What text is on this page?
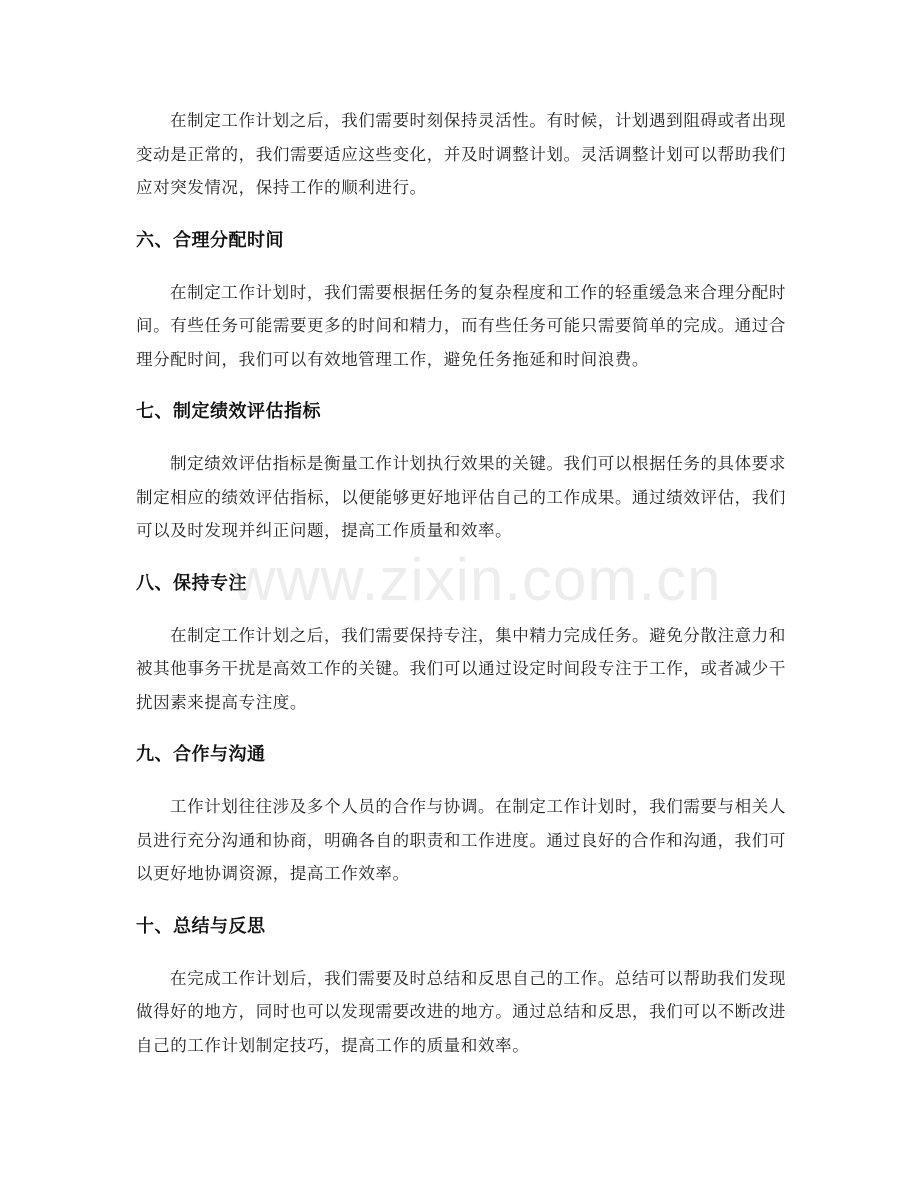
在制定工作计划之后，我们需要时刻保持灵活性。有时候，计划遇到阻碍或者出现变动是正常的，我们需要适应这些变化，并及时调整计划。灵活调整计划可以帮助我们应对突发情况，保持工作的顺利进行。

六、合理分配时间

在制定工作计划时，我们需要根据任务的复杂程度和工作的轻重缓急来合理分配时间。有些任务可能需要更多的时间和精力，而有些任务可能只需要简单的完成。通过合理分配时间，我们可以有效地管理工作，避免任务拖延和时间浪费。

七、制定绩效评估指标

制定绩效评估指标是衡量工作计划执行效果的关键。我们可以根据任务的具体要求制定相应的绩效评估指标，以便能够更好地评估自己的工作成果。通过绩效评估，我们可以及时发现并纠正问题，提高工作质量和效率。

八、保持专注

在制定工作计划之后，我们需要保持专注，集中精力完成任务。避免分散注意力和被其他事务干扰是高效工作的关键。我们可以通过设定时间段专注于工作，或者减少干扰因素来提高专注度。

九、合作与沟通

工作计划往往涉及多个人员的合作与协调。在制定工作计划时，我们需要与相关人员进行充分沟通和协商，明确各自的职责和工作进度。通过良好的合作和沟通，我们可以更好地协调资源，提高工作效率。

十、总结与反思

在完成工作计划后，我们需要及时总结和反思自己的工作。总结可以帮助我们发现做得好的地方，同时也可以发现需要改进的地方。通过总结和反思，我们可以不断改进自己的工作计划制定技巧，提高工作的质量和效率。

www.zixin.com.cn
